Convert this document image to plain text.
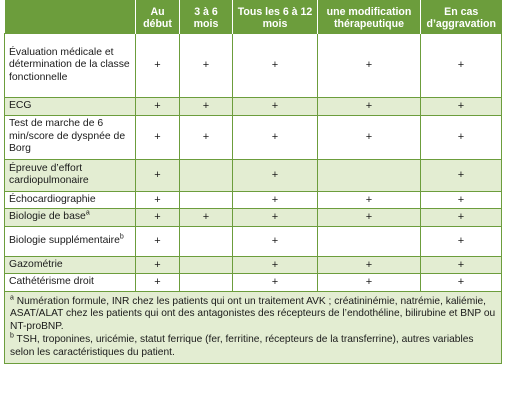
	Au début	3 à 6 mois	Tous les 6 à 12 mois	une modification thérapeutique	En cas d’aggravation

Évaluation médicale et détermination de la classe fonctionnelle	+	+	+	+	+
ECG	+	+	+	+	+
Test de marche de 6 min/score de dyspnée de Borg	+	+	+	+	+
Épreuve d’effort cardiopulmonaire	+		+		+
Échocardiographie	+		+	+	+
Biologie de base$^a$	+	+	+	+	+
Biologie supplémentaire$^b$	+		+		+
Gazométrie	+		+	+	+
Cathétérisme droit	+		+	+	+

$^a$ Numération formule, INR chez les patients qui ont un traitement AVK ; créatininémie, natrémie, kaliémie, ASAT/ALAT chez les patients qui ont des antagonistes des récepteurs de l’endothéline, bilirubine et BNP ou NT-proBNP.
$^b$ TSH, troponines, uricémie, statut ferrique (fer, ferritine, récepteurs de la transferrine), autres variables selon les caractéristiques du patient.					
